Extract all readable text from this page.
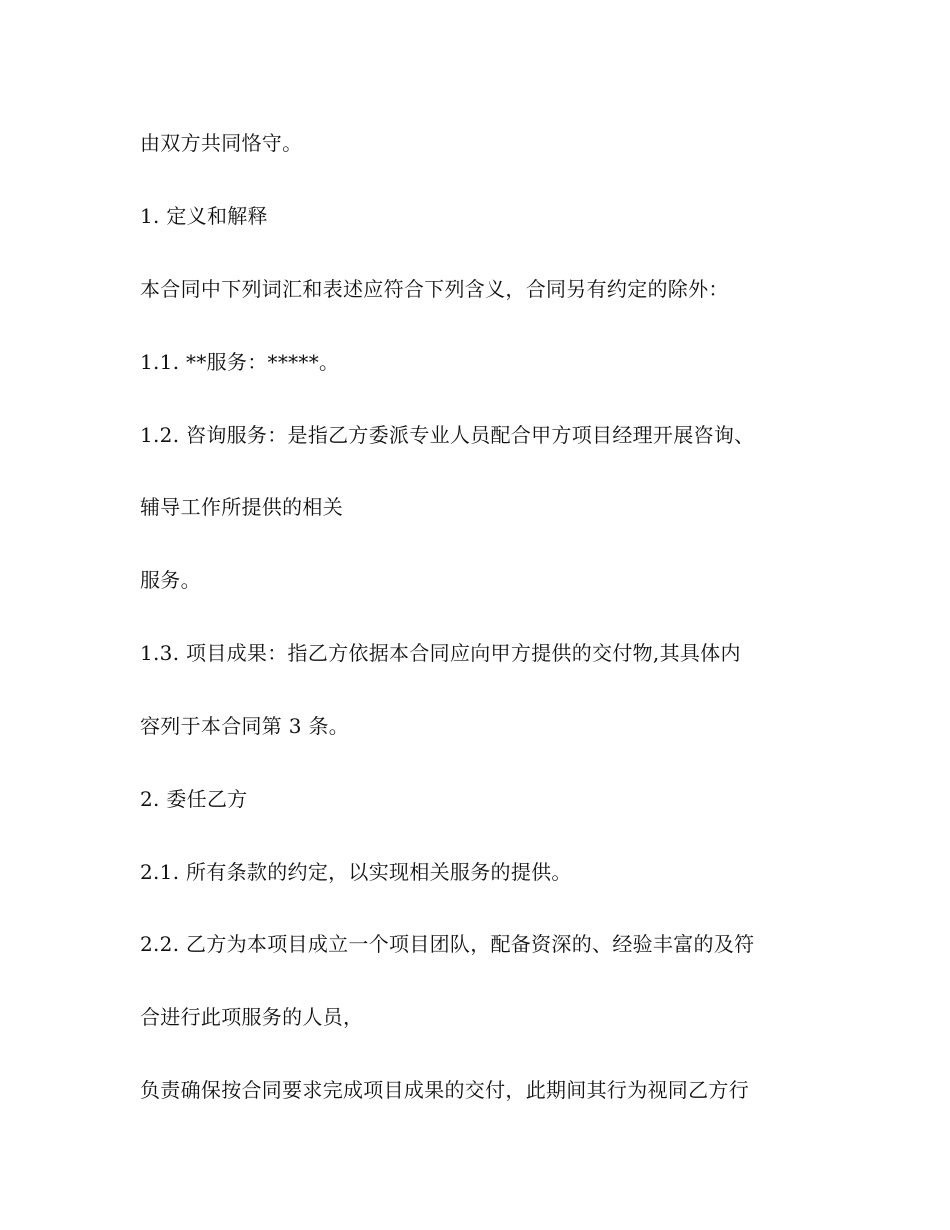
由双方共同恪守。
1. 定义和解释
本合同中下列词汇和表述应符合下列含义，合同另有约定的除外：
1.1. **服务：*****。
1.2. 咨询服务：是指乙方委派专业人员配合甲方项目经理开展咨询、
辅导工作所提供的相关
服务。
1.3. 项目成果：指乙方依据本合同应向甲方提供的交付物,其具体内
容列于本合同第 3 条。
2. 委任乙方
2.1. 所有条款的约定，以实现相关服务的提供。
2.2. 乙方为本项目成立一个项目团队，配备资深的、经验丰富的及符
合进行此项服务的人员，
负责确保按合同要求完成项目成果的交付，此期间其行为视同乙方行
